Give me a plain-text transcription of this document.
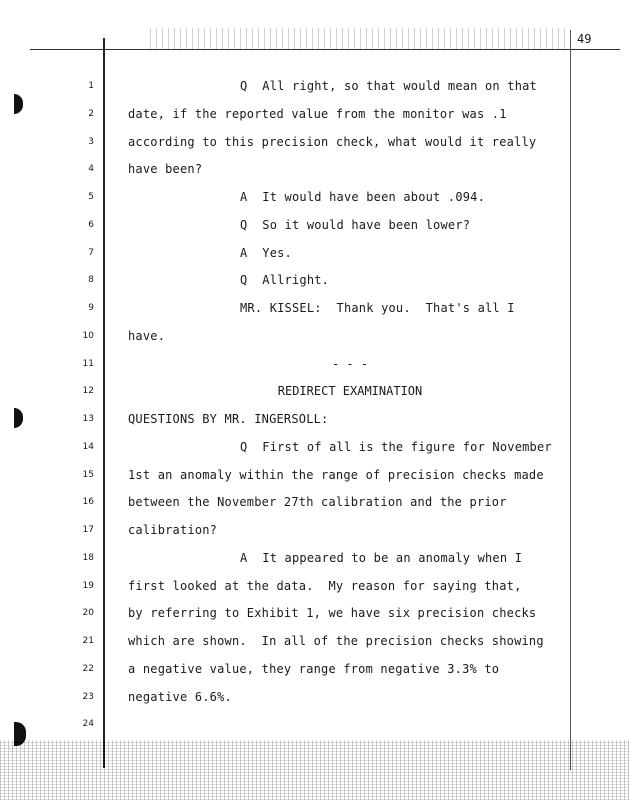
49
1	Q  All right, so that would mean on that
2	date, if the reported value from the monitor was .1
3	according to this precision check, what would it really
4	have been?
5	A  It would have been about .094.
6	Q  So it would have been lower?
7	A  Yes.
8	Q  Allright.
9	MR. KISSEL:  Thank you.  That's all I
10	have.
11	- - -
12	REDIRECT EXAMINATION
13	QUESTIONS BY MR. INGERSOLL:
14	Q  First of all is the figure for November
15	1st an anomaly within the range of precision checks made
16	between the November 27th calibration and the prior
17	calibration?
18	A  It appeared to be an anomaly when I
19	first looked at the data.  My reason for saying that,
20	by referring to Exhibit 1, we have six precision checks
21	which are shown.  In all of the precision checks showing
22	a negative value, they range from negative 3.3% to
23	negative 6.6%.
24
